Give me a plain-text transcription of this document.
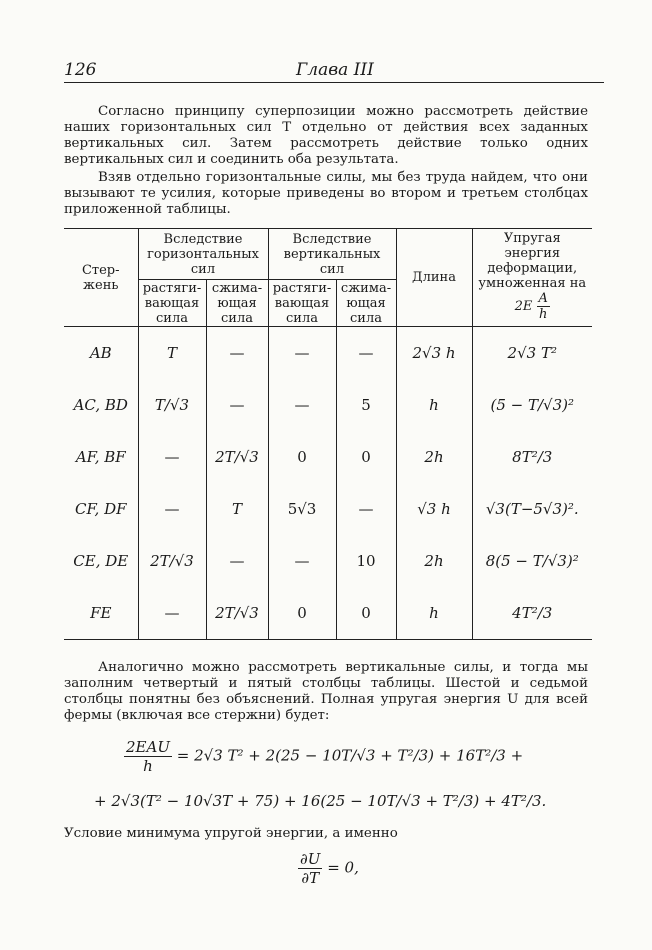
126	Глава III

Согласно принципу суперпозиции можно рассмотреть действие наших горизонтальных сил T отдельно от действия всех заданных вертикальных сил. Затем рассмотреть действие только одних вертикальных сил и соединить оба результата.

Взяв отдельно горизонтальные силы, мы без труда найдем, что они вызывают те усилия, которые приведены во втором и третьем столбцах приложенной таблицы.

Стер-жень	Вследствие горизонтальных сил		Вследствие вертикальных сил		Длина	Упругая энергия деформации, умноженная на
$2E \frac{A}{h}$

	растяги-вающая сила	сжима-ющая сила	растяги-вающая сила	сжима-ющая сила		
AB	T	—	—	—	2√3 h	2√3 T²
AC, BD	T/√3	—	—	5	h	(5 − T/√3)²
AF, BF	—	2T/√3	0	0	2h	8T²/3
CF, DF	—	T	5√3	—	√3 h	√3(T−5√3)².
CE, DE	2T/√3	—	—	10	2h	8(5 − T/√3)²
FE	—	2T/√3	0	0	h	4T²/3

Аналогично можно рассмотреть вертикальные силы, и тогда мы заполним четвертый и пятый столбцы таблицы. Шестой и седьмой столбцы понятны без объяснений. Полная упругая энергия U для всей фермы (включая все стержни) будет:

$\frac{\text{2EAU}}{h} = 2√3$ T² + 2(25 − 10T/√3 + T²/3) + 16T²/3 +
+ 2√3(T² − 10√3T + 75) + 16(25 − 10T/√3 + T²/3) + 4T²/3.
Условие минимума упругой энергии, а именно
$\frac{\partial U}{\partial T} = 0$,
